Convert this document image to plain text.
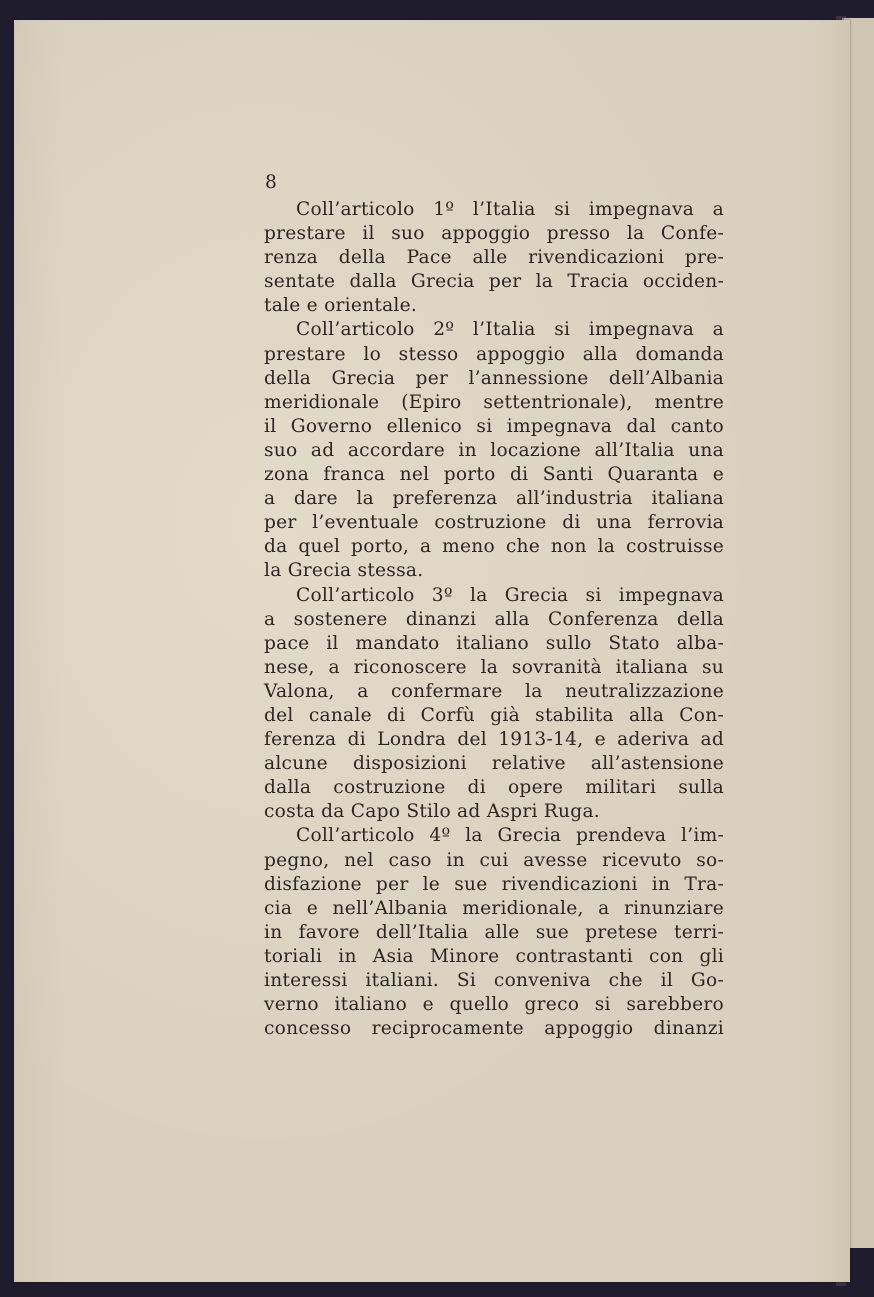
8

Coll’articolo 1º l’Italia si impegnava a
prestare il suo appoggio presso la Confe-
renza della Pace alle rivendicazioni pre-
sentate dalla Grecia per la Tracia occiden-
tale e orientale.

Coll’articolo 2º l’Italia si impegnava a
prestare lo stesso appoggio alla domanda
della Grecia per l’annessione dell’Albania
meridionale (Epiro settentrionale), mentre
il Governo ellenico si impegnava dal canto
suo ad accordare in locazione all’Italia una
zona franca nel porto di Santi Quaranta e
a dare la preferenza all’industria italiana
per l’eventuale costruzione di una ferrovia
da quel porto, a meno che non la costruisse
la Grecia stessa.

Coll’articolo 3º la Grecia si impegnava
a sostenere dinanzi alla Conferenza della
pace il mandato italiano sullo Stato alba-
nese, a riconoscere la sovranità italiana su
Valona, a confermare la neutralizzazione
del canale di Corfù già stabilita alla Con-
ferenza di Londra del 1913-14, e aderiva ad
alcune disposizioni relative all’astensione
dalla costruzione di opere militari sulla
costa da Capo Stilo ad Aspri Ruga.

Coll’articolo 4º la Grecia prendeva l’im-
pegno, nel caso in cui avesse ricevuto so-
disfazione per le sue rivendicazioni in Tra-
cia e nell’Albania meridionale, a rinunziare
in favore dell’Italia alle sue pretese terri-
toriali in Asia Minore contrastanti con gli
interessi italiani. Si conveniva che il Go-
verno italiano e quello greco si sarebbero
concesso reciprocamente appoggio dinanzi
